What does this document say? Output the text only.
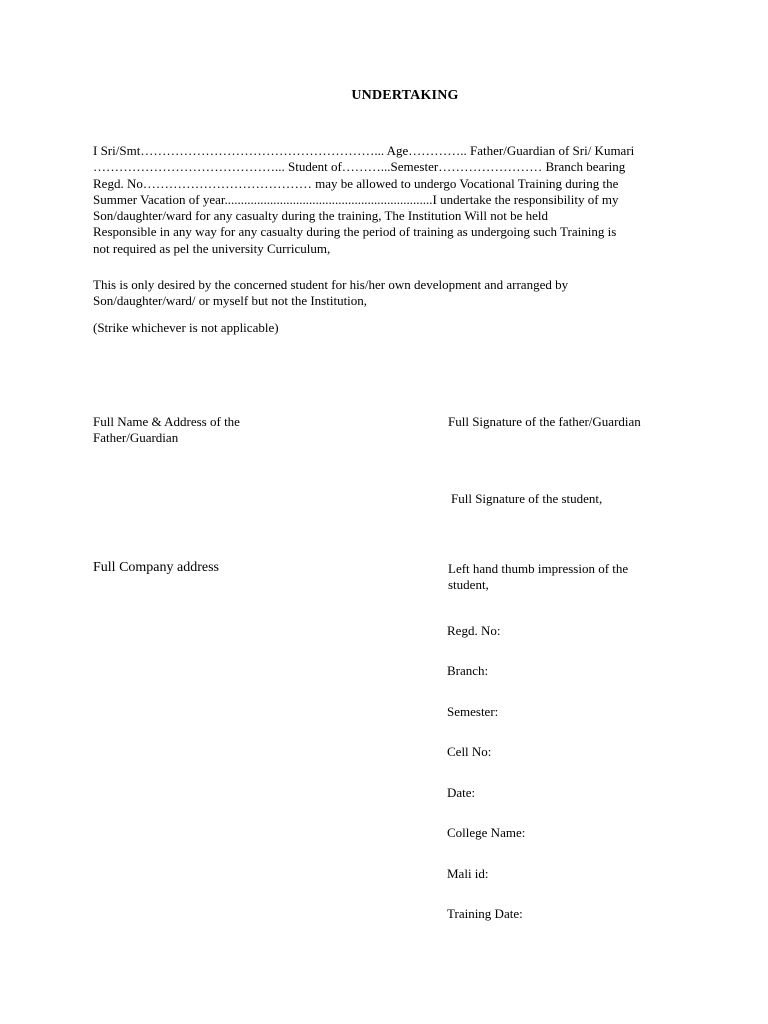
UNDERTAKING
I Sri/Smt………………………………………………... Age………….. Father/Guardian of Sri/ Kumari
……………………………………... Student of………...Semester…………………… Branch bearing
Regd. No………………………………… may be allowed to undergo Vocational Training during the
Summer Vacation of year................................................................I undertake the responsibility of my
Son/daughter/ward for any casualty during the training, The Institution Will not be held
Responsible in any way for any casualty during the period of training as undergoing such Training is
not required as pel the university Curriculum,
This is only desired by the concerned student for his/her own development and arranged by
Son/daughter/ward/ or myself but not the Institution,
(Strike whichever is not applicable)
Full Name & Address of the
Father/Guardian
Full Signature of the father/Guardian
Full Signature of the student,
Full Company address	Left hand thumb impression of the
student,
Regd. No:
Branch:
Semester:
Cell No:
Date:
College Name:
Mali id:
Training Date:
